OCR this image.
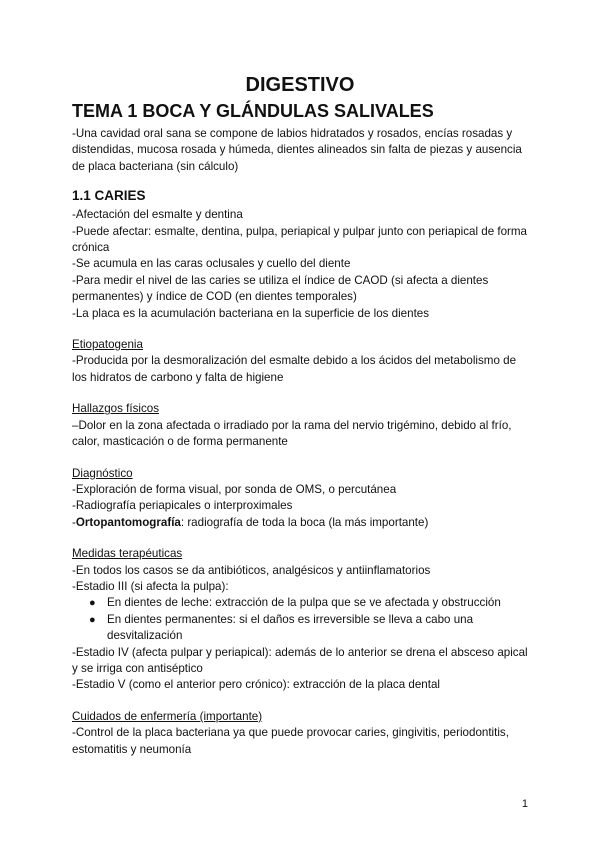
DIGESTIVO
TEMA 1 BOCA Y GLÁNDULAS SALIVALES

-Una cavidad oral sana se compone de labios hidratados y rosados, encías rosadas y distendidas, mucosa rosada y húmeda, dientes alineados sin falta de piezas y ausencia de placa bacteriana (sin cálculo)

1.1 CARIES

-Afectación del esmalte y dentina

-Puede afectar: esmalte, dentina, pulpa, periapical y pulpar junto con periapical de forma crónica

-Se acumula en las caras oclusales y cuello del diente

-Para medir el nivel de las caries se utiliza el índice de CAOD (si afecta a dientes permanentes) y índice de COD (en dientes temporales)

-La placa es la acumulación bacteriana en la superficie de los dientes

Etiopatogenia

-Producida por la desmoralización del esmalte debido a los ácidos del metabolismo de los hidratos de carbono y falta de higiene

Hallazgos físicos

–Dolor en la zona afectada o irradiado por la rama del nervio trigémino, debido al frío, calor, masticación o de forma permanente

Diagnóstico

-Exploración de forma visual, por sonda de OMS, o percutánea

-Radiografía periapicales o interproximales

-Ortopantomografía: radiografía de toda la boca (la más importante)

Medidas terapéuticas

-En todos los casos se da antibióticos, analgésicos y antiinflamatorios

-Estadio III (si afecta la pulpa):

● En dientes de leche: extracción de la pulpa que se ve afectada y obstrucción
● En dientes permanentes: si el daños es irreversible se lleva a cabo una desvitalización

-Estadio IV (afecta pulpar y periapical): además de lo anterior se drena el absceso apical y se irriga con antiséptico

-Estadio V (como el anterior pero crónico): extracción de la placa dental

Cuidados de enfermería (importante)

-Control de la placa bacteriana ya que puede provocar caries, gingivitis, periodontitis, estomatitis y neumonía

1
